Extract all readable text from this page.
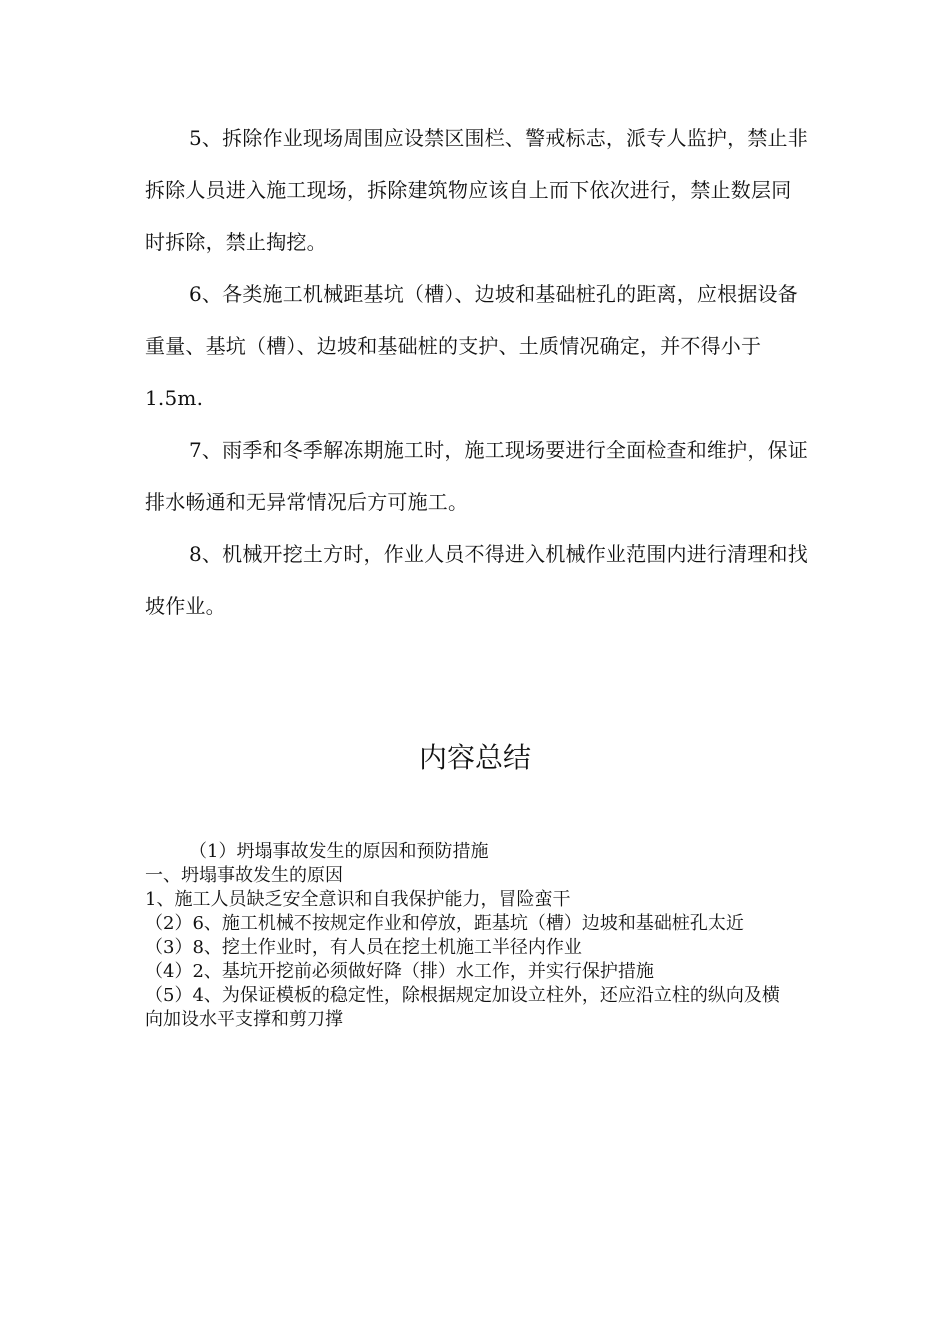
5、拆除作业现场周围应设禁区围栏、警戒标志，派专人监护，禁止非拆除人员进入施工现场，拆除建筑物应该自上而下依次进行，禁止数层同时拆除，禁止掏挖。

6、各类施工机械距基坑（槽）、边坡和基础桩孔的距离，应根据设备重量、基坑（槽）、边坡和基础桩的支护、土质情况确定，并不得小于1.5m.

7、雨季和冬季解冻期施工时，施工现场要进行全面检查和维护，保证排水畅通和无异常情况后方可施工。

8、机械开挖土方时，作业人员不得进入机械作业范围内进行清理和找坡作业。

内容总结

（1）坍塌事故发生的原因和预防措施

一、坍塌事故发生的原因

1、施工人员缺乏安全意识和自我保护能力，冒险蛮干

（2）6、施工机械不按规定作业和停放，距基坑（槽）边坡和基础桩孔太近

（3）8、挖土作业时，有人员在挖土机施工半径内作业

（4）2、基坑开挖前必须做好降（排）水工作，并实行保护措施

（5）4、为保证模板的稳定性，除根据规定加设立柱外，还应沿立柱的纵向及横向加设水平支撑和剪刀撑
